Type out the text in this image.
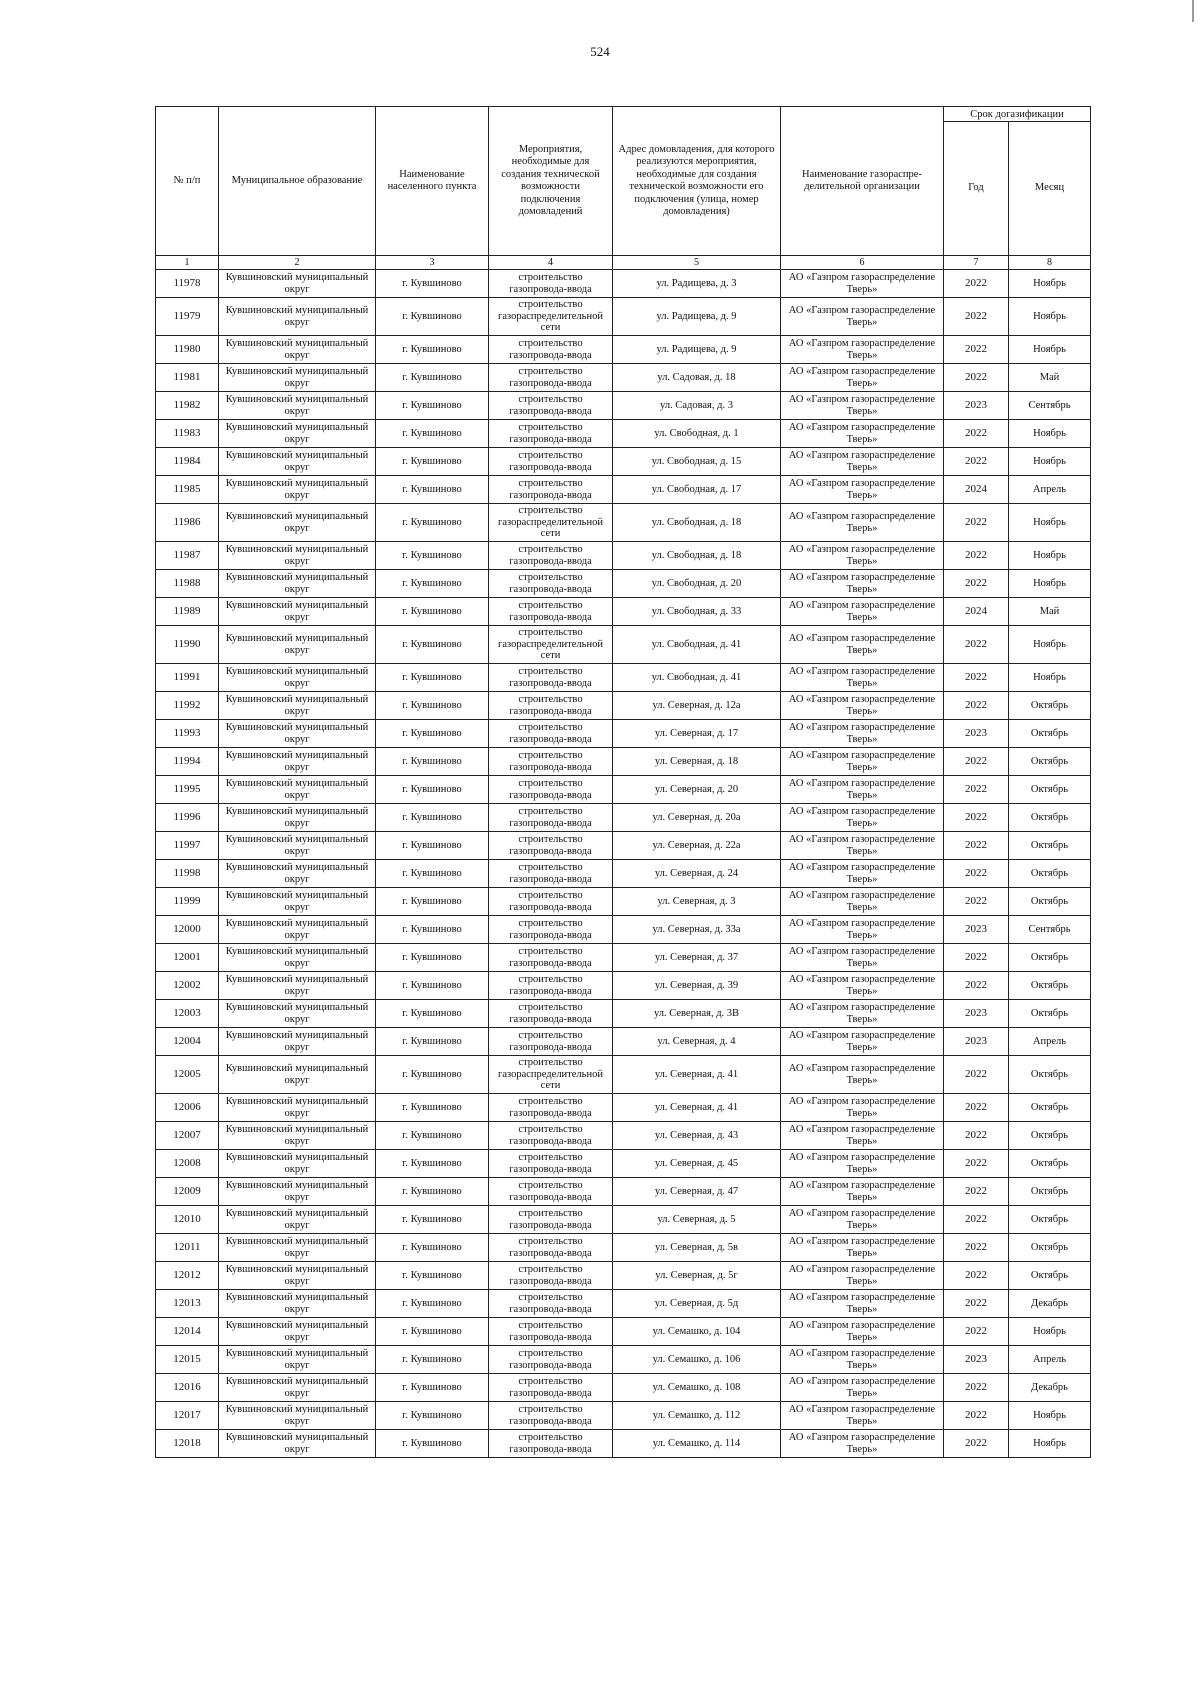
524
№ п/п	Муниципальное образование	Наименование населенного пункта	Мероприятия, необходимые для создания технической возможности подключения домовладений	Адрес домовладения, для которого реализуются мероприятия, необходимые для создания технической возможности его подключения (улица, номер домовладения)	Наименование газораспре-делительной организации	Срок догазификации	
						Год	Месяц
1	2	3	4	5	6	7	8
11978	Кувшиновский муниципальный округ	г. Кувшиново	строительство газопровода-ввода	ул. Радищева, д. 3	АО «Газпром газораспределение Тверь»	2022	Ноябрь
11979	Кувшиновский муниципальный округ	г. Кувшиново	строительство газораспределительной сети	ул. Радищева, д. 9	АО «Газпром газораспределение Тверь»	2022	Ноябрь
11980	Кувшиновский муниципальный округ	г. Кувшиново	строительство газопровода-ввода	ул. Радищева, д. 9	АО «Газпром газораспределение Тверь»	2022	Ноябрь
11981	Кувшиновский муниципальный округ	г. Кувшиново	строительство газопровода-ввода	ул. Садовая, д. 18	АО «Газпром газораспределение Тверь»	2022	Май
11982	Кувшиновский муниципальный округ	г. Кувшиново	строительство газопровода-ввода	ул. Садовая, д. 3	АО «Газпром газораспределение Тверь»	2023	Сентябрь
11983	Кувшиновский муниципальный округ	г. Кувшиново	строительство газопровода-ввода	ул. Свободная, д. 1	АО «Газпром газораспределение Тверь»	2022	Ноябрь
11984	Кувшиновский муниципальный округ	г. Кувшиново	строительство газопровода-ввода	ул. Свободная, д. 15	АО «Газпром газораспределение Тверь»	2022	Ноябрь
11985	Кувшиновский муниципальный округ	г. Кувшиново	строительство газопровода-ввода	ул. Свободная, д. 17	АО «Газпром газораспределение Тверь»	2024	Апрель
11986	Кувшиновский муниципальный округ	г. Кувшиново	строительство газораспределительной сети	ул. Свободная, д. 18	АО «Газпром газораспределение Тверь»	2022	Ноябрь
11987	Кувшиновский муниципальный округ	г. Кувшиново	строительство газопровода-ввода	ул. Свободная, д. 18	АО «Газпром газораспределение Тверь»	2022	Ноябрь
11988	Кувшиновский муниципальный округ	г. Кувшиново	строительство газопровода-ввода	ул. Свободная, д. 20	АО «Газпром газораспределение Тверь»	2022	Ноябрь
11989	Кувшиновский муниципальный округ	г. Кувшиново	строительство газопровода-ввода	ул. Свободная, д. 33	АО «Газпром газораспределение Тверь»	2024	Май
11990	Кувшиновский муниципальный округ	г. Кувшиново	строительство газораспределительной сети	ул. Свободная, д. 41	АО «Газпром газораспределение Тверь»	2022	Ноябрь
11991	Кувшиновский муниципальный округ	г. Кувшиново	строительство газопровода-ввода	ул. Свободная, д. 41	АО «Газпром газораспределение Тверь»	2022	Ноябрь
11992	Кувшиновский муниципальный округ	г. Кувшиново	строительство газопровода-ввода	ул. Северная, д. 12а	АО «Газпром газораспределение Тверь»	2022	Октябрь
11993	Кувшиновский муниципальный округ	г. Кувшиново	строительство газопровода-ввода	ул. Северная, д. 17	АО «Газпром газораспределение Тверь»	2023	Октябрь
11994	Кувшиновский муниципальный округ	г. Кувшиново	строительство газопровода-ввода	ул. Северная, д. 18	АО «Газпром газораспределение Тверь»	2022	Октябрь
11995	Кувшиновский муниципальный округ	г. Кувшиново	строительство газопровода-ввода	ул. Северная, д. 20	АО «Газпром газораспределение Тверь»	2022	Октябрь
11996	Кувшиновский муниципальный округ	г. Кувшиново	строительство газопровода-ввода	ул. Северная, д. 20а	АО «Газпром газораспределение Тверь»	2022	Октябрь
11997	Кувшиновский муниципальный округ	г. Кувшиново	строительство газопровода-ввода	ул. Северная, д. 22а	АО «Газпром газораспределение Тверь»	2022	Октябрь
11998	Кувшиновский муниципальный округ	г. Кувшиново	строительство газопровода-ввода	ул. Северная, д. 24	АО «Газпром газораспределение Тверь»	2022	Октябрь
11999	Кувшиновский муниципальный округ	г. Кувшиново	строительство газопровода-ввода	ул. Северная, д. 3	АО «Газпром газораспределение Тверь»	2022	Октябрь
12000	Кувшиновский муниципальный округ	г. Кувшиново	строительство газопровода-ввода	ул. Северная, д. 33а	АО «Газпром газораспределение Тверь»	2023	Сентябрь
12001	Кувшиновский муниципальный округ	г. Кувшиново	строительство газопровода-ввода	ул. Северная, д. 37	АО «Газпром газораспределение Тверь»	2022	Октябрь
12002	Кувшиновский муниципальный округ	г. Кувшиново	строительство газопровода-ввода	ул. Северная, д. 39	АО «Газпром газораспределение Тверь»	2022	Октябрь
12003	Кувшиновский муниципальный округ	г. Кувшиново	строительство газопровода-ввода	ул. Северная, д. 3В	АО «Газпром газораспределение Тверь»	2023	Октябрь
12004	Кувшиновский муниципальный округ	г. Кувшиново	строительство газопровода-ввода	ул. Северная, д. 4	АО «Газпром газораспределение Тверь»	2023	Апрель
12005	Кувшиновский муниципальный округ	г. Кувшиново	строительство газораспределительной сети	ул. Северная, д. 41	АО «Газпром газораспределение Тверь»	2022	Октябрь
12006	Кувшиновский муниципальный округ	г. Кувшиново	строительство газопровода-ввода	ул. Северная, д. 41	АО «Газпром газораспределение Тверь»	2022	Октябрь
12007	Кувшиновский муниципальный округ	г. Кувшиново	строительство газопровода-ввода	ул. Северная, д. 43	АО «Газпром газораспределение Тверь»	2022	Октябрь
12008	Кувшиновский муниципальный округ	г. Кувшиново	строительство газопровода-ввода	ул. Северная, д. 45	АО «Газпром газораспределение Тверь»	2022	Октябрь
12009	Кувшиновский муниципальный округ	г. Кувшиново	строительство газопровода-ввода	ул. Северная, д. 47	АО «Газпром газораспределение Тверь»	2022	Октябрь
12010	Кувшиновский муниципальный округ	г. Кувшиново	строительство газопровода-ввода	ул. Северная, д. 5	АО «Газпром газораспределение Тверь»	2022	Октябрь
12011	Кувшиновский муниципальный округ	г. Кувшиново	строительство газопровода-ввода	ул. Северная, д. 5в	АО «Газпром газораспределение Тверь»	2022	Октябрь
12012	Кувшиновский муниципальный округ	г. Кувшиново	строительство газопровода-ввода	ул. Северная, д. 5г	АО «Газпром газораспределение Тверь»	2022	Октябрь
12013	Кувшиновский муниципальный округ	г. Кувшиново	строительство газопровода-ввода	ул. Северная, д. 5д	АО «Газпром газораспределение Тверь»	2022	Декабрь
12014	Кувшиновский муниципальный округ	г. Кувшиново	строительство газопровода-ввода	ул. Семашко, д. 104	АО «Газпром газораспределение Тверь»	2022	Ноябрь
12015	Кувшиновский муниципальный округ	г. Кувшиново	строительство газопровода-ввода	ул. Семашко, д. 106	АО «Газпром газораспределение Тверь»	2023	Апрель
12016	Кувшиновский муниципальный округ	г. Кувшиново	строительство газопровода-ввода	ул. Семашко, д. 108	АО «Газпром газораспределение Тверь»	2022	Декабрь
12017	Кувшиновский муниципальный округ	г. Кувшиново	строительство газопровода-ввода	ул. Семашко, д. 112	АО «Газпром газораспределение Тверь»	2022	Ноябрь
12018	Кувшиновский муниципальный округ	г. Кувшиново	строительство газопровода-ввода	ул. Семашко, д. 114	АО «Газпром газораспределение Тверь»	2022	Ноябрь
